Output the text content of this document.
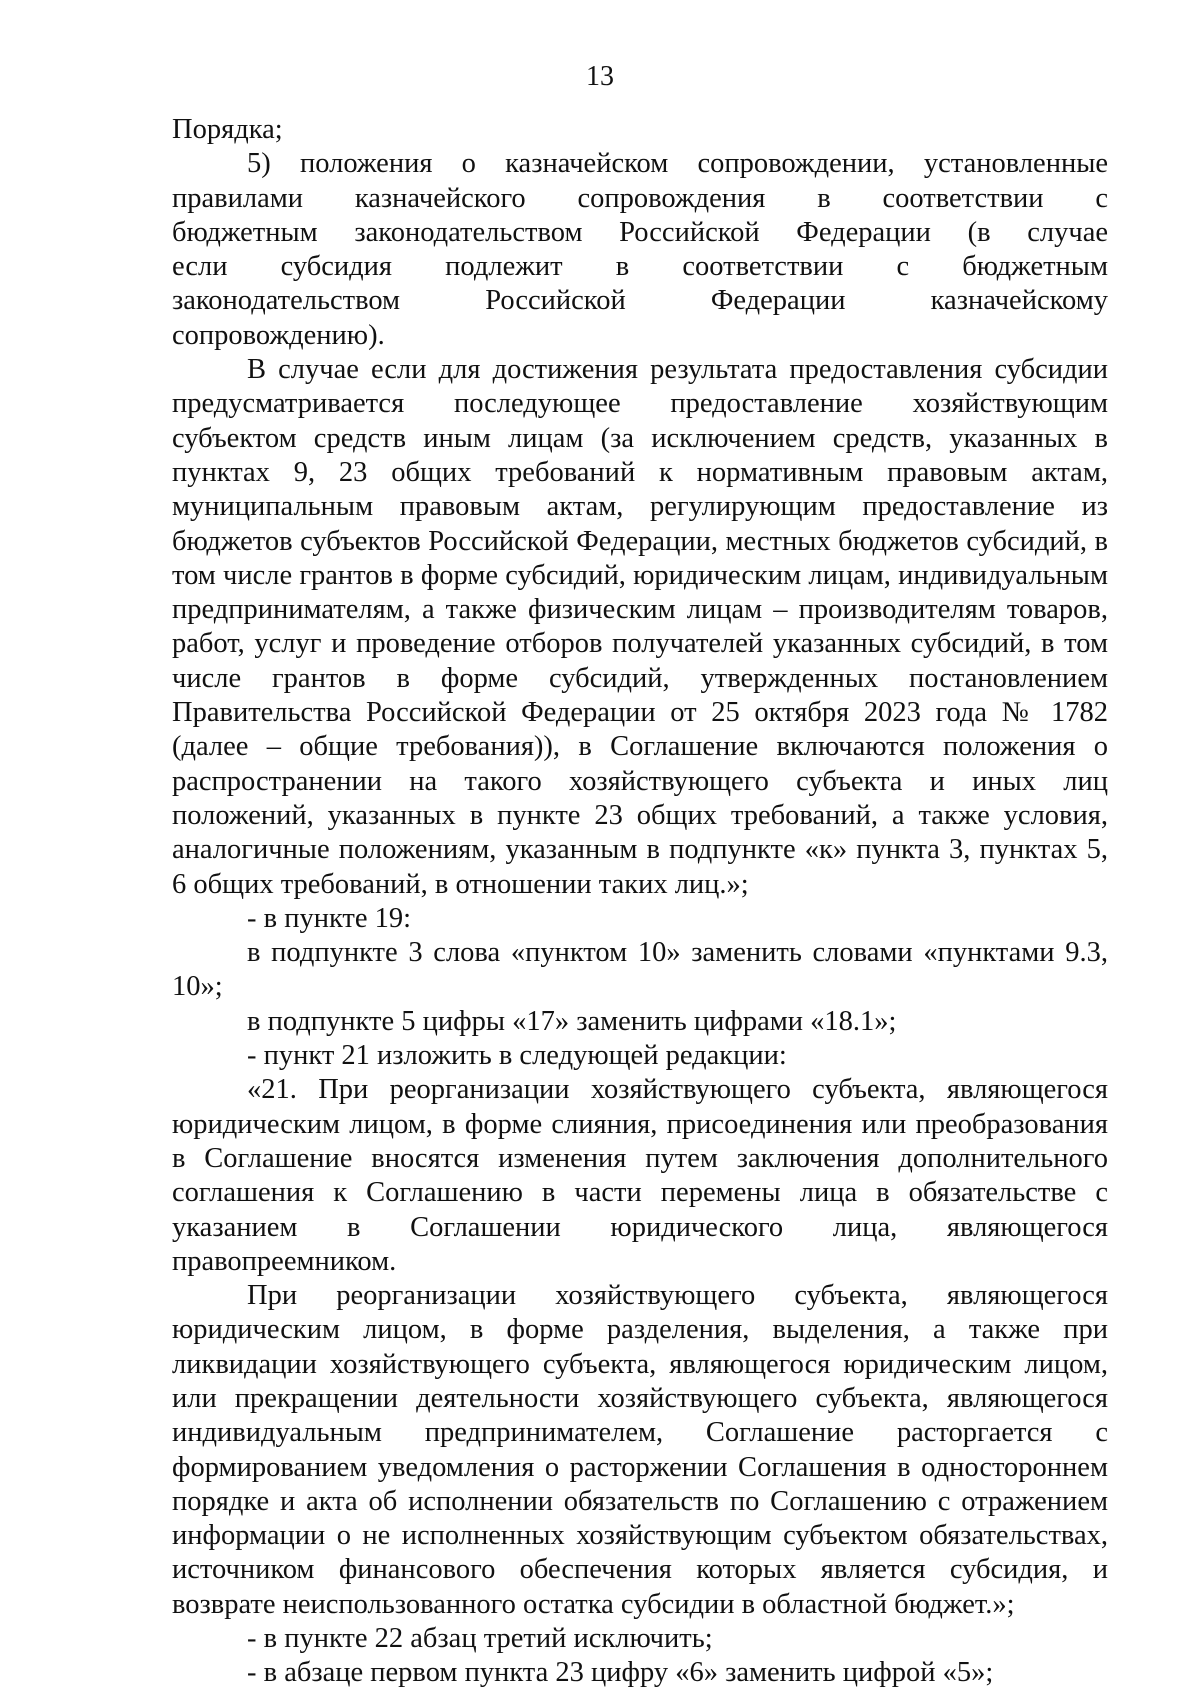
13

Порядка;

5) положения о казначейском сопровождении, установленные правилами казначейского сопровождения в соответствии с бюджетным законодательством Российской Федерации (в случае если субсидия подлежит в соответствии с бюджетным законодательством Российской Федерации казначейскому сопровождению).

В случае если для достижения результата предоставления субсидии предусматривается последующее предоставление хозяйствующим субъектом средств иным лицам (за исключением средств, указанных в пунктах 9, 23 общих требований к нормативным правовым актам, муниципальным правовым актам, регулирующим предоставление из бюджетов субъектов Российской Федерации, местных бюджетов субсидий, в том числе грантов в форме субсидий, юридическим лицам, индивидуальным предпринимателям, а также физическим лицам – производителям товаров, работ, услуг и проведение отборов получателей указанных субсидий, в том числе грантов в форме субсидий, утвержденных постановлением Правительства Российской Федерации от 25 октября 2023 года № 1782 (далее – общие требования)), в Соглашение включаются положения о распространении на такого хозяйствующего субъекта и иных лиц положений, указанных в пункте 23 общих требований, а также условия, аналогичные положениям, указанным в подпункте «к» пункта 3, пунктах 5, 6 общих требований, в отношении таких лиц.»;

- в пункте 19:

в подпункте 3 слова «пунктом 10» заменить словами «пунктами 9.3, 10»;

в подпункте 5 цифры «17» заменить цифрами «18.1»;

- пункт 21 изложить в следующей редакции:

«21. При реорганизации хозяйствующего субъекта, являющегося юридическим лицом, в форме слияния, присоединения или преобразования в Соглашение вносятся изменения путем заключения дополнительного соглашения к Соглашению в части перемены лица в обязательстве с указанием в Соглашении юридического лица, являющегося правопреемником.

При реорганизации хозяйствующего субъекта, являющегося юридическим лицом, в форме разделения, выделения, а также при ликвидации хозяйствующего субъекта, являющегося юридическим лицом, или прекращении деятельности хозяйствующего субъекта, являющегося индивидуальным предпринимателем, Соглашение расторгается с формированием уведомления о расторжении Соглашения в одностороннем порядке и акта об исполнении обязательств по Соглашению с отражением информации о не исполненных хозяйствующим субъектом обязательствах, источником финансового обеспечения которых является субсидия, и возврате неиспользованного остатка субсидии в областной бюджет.»;

- в пункте 22 абзац третий исключить;

- в абзаце первом пункта 23 цифру «6» заменить цифрой «5»;
